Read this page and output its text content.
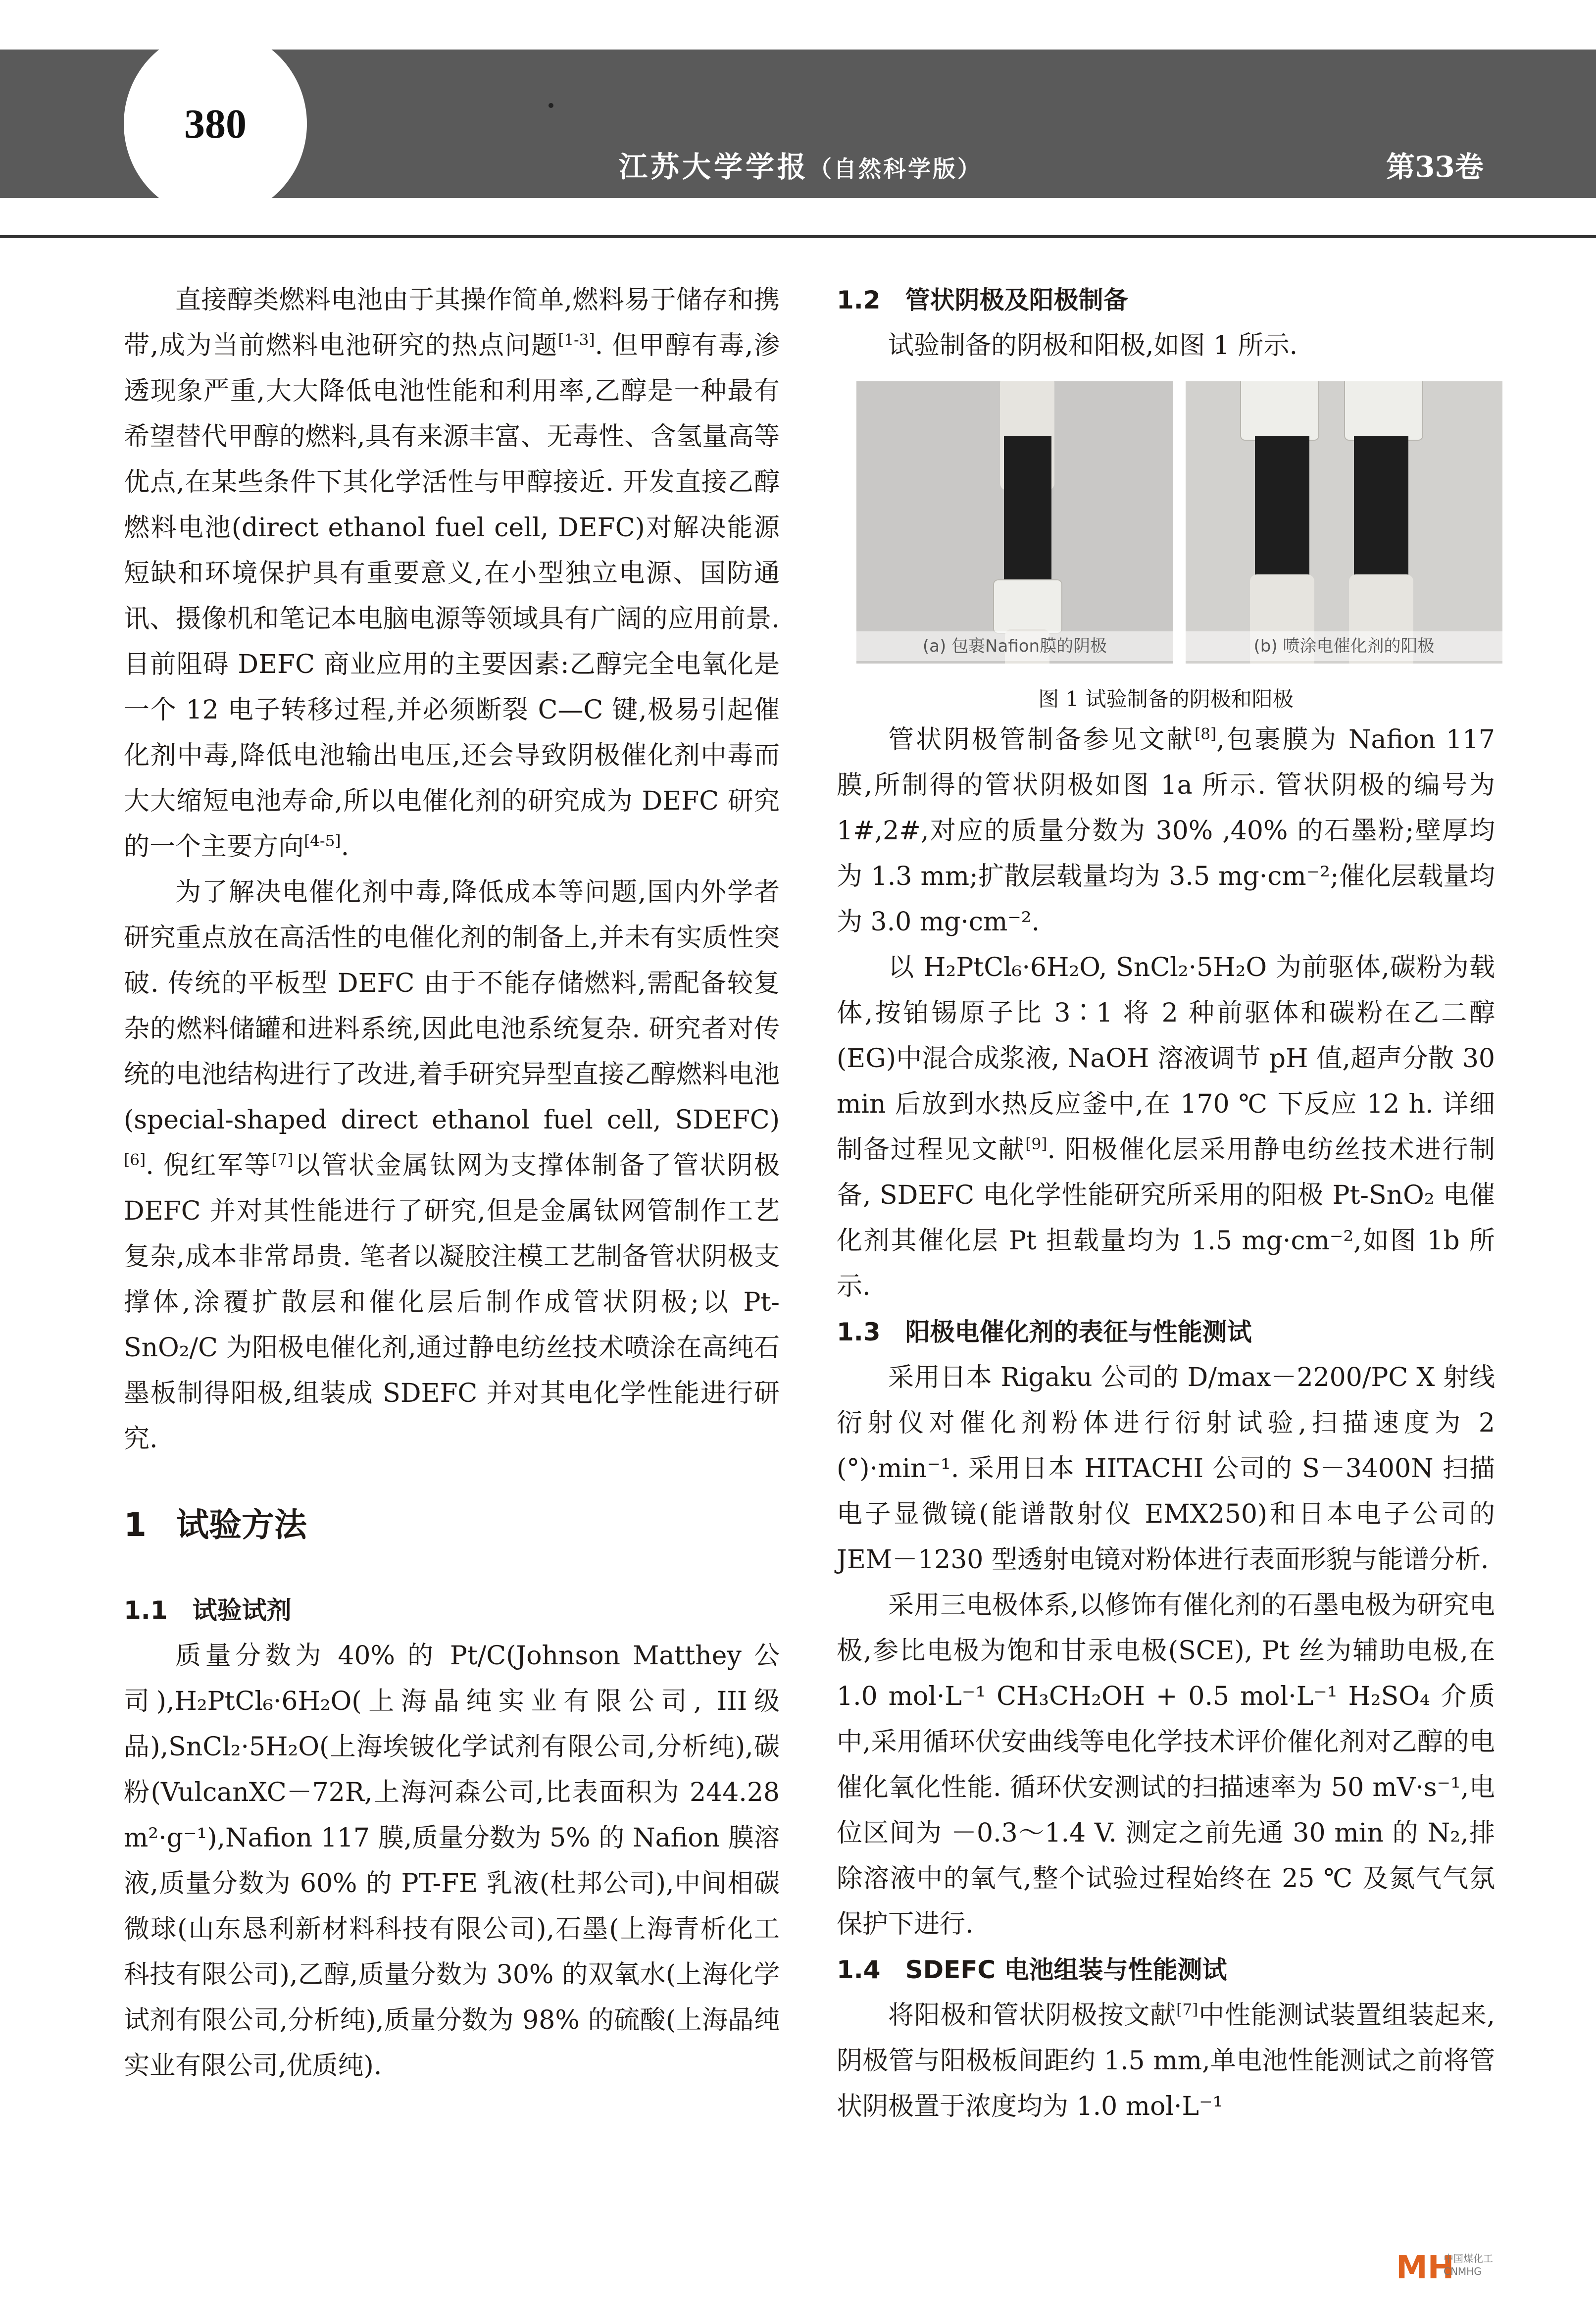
380
江苏大学学报（自然科学版）	第33卷

直接醇类燃料电池由于其操作简单,燃料易于储存和携带,成为当前燃料电池研究的热点问题[1-3]. 但甲醇有毒,渗透现象严重,大大降低电池性能和利用率,乙醇是一种最有希望替代甲醇的燃料,具有来源丰富、无毒性、含氢量高等优点,在某些条件下其化学活性与甲醇接近. 开发直接乙醇燃料电池(direct ethanol fuel cell, DEFC)对解决能源短缺和环境保护具有重要意义,在小型独立电源、国防通讯、摄像机和笔记本电脑电源等领域具有广阔的应用前景. 目前阻碍 DEFC 商业应用的主要因素:乙醇完全电氧化是一个 12 电子转移过程,并必须断裂 C—C 键,极易引起催化剂中毒,降低电池输出电压,还会导致阴极催化剂中毒而大大缩短电池寿命,所以电催化剂的研究成为 DEFC 研究的一个主要方向[4-5].

为了解决电催化剂中毒,降低成本等问题,国内外学者研究重点放在高活性的电催化剂的制备上,并未有实质性突破. 传统的平板型 DEFC 由于不能存储燃料,需配备较复杂的燃料储罐和进料系统,因此电池系统复杂. 研究者对传统的电池结构进行了改进,着手研究异型直接乙醇燃料电池(special-shaped direct ethanol fuel cell, SDEFC)[6]. 倪红军等[7]以管状金属钛网为支撑体制备了管状阴极 DEFC 并对其性能进行了研究,但是金属钛网管制作工艺复杂,成本非常昂贵. 笔者以凝胶注模工艺制备管状阴极支撑体,涂覆扩散层和催化层后制作成管状阴极;以 Pt-SnO₂/C 为阳极电催化剂,通过静电纺丝技术喷涂在高纯石墨板制得阳极,组装成 SDEFC 并对其电化学性能进行研究.

1 试验方法
1.1 试验试剂

质量分数为 40% 的 Pt/C(Johnson Matthey 公司),H₂PtCl₆·6H₂O(上海晶纯实业有限公司, III级品),SnCl₂·5H₂O(上海埃铍化学试剂有限公司,分析纯),碳粉(VulcanXC－72R,上海河森公司,比表面积为 244.28 m²·g⁻¹),Nafion 117 膜,质量分数为 5% 的 Nafion 膜溶液,质量分数为 60% 的 PT-FE 乳液(杜邦公司),中间相碳微球(山东恳利新材料科技有限公司),石墨(上海青析化工科技有限公司),乙醇,质量分数为 30% 的双氧水(上海化学试剂有限公司,分析纯),质量分数为 98% 的硫酸(上海晶纯实业有限公司,优质纯).

1.2 管状阴极及阳极制备

试验制备的阴极和阳极,如图 1 所示.

(a) 包裹Nafion膜的阴极	(b) 喷涂电催化剂的阳极
图 1 试验制备的阴极和阳极

管状阴极管制备参见文献[8],包裹膜为 Nafion 117 膜,所制得的管状阴极如图 1a 所示. 管状阴极的编号为 1#,2#,对应的质量分数为 30% ,40% 的石墨粉;壁厚均为 1.3 mm;扩散层载量均为 3.5 mg·cm⁻²;催化层载量均为 3.0 mg·cm⁻².

以 H₂PtCl₆·6H₂O, SnCl₂·5H₂O 为前驱体,碳粉为载体,按铂锡原子比 3∶1 将 2 种前驱体和碳粉在乙二醇(EG)中混合成浆液, NaOH 溶液调节 pH 值,超声分散 30 min 后放到水热反应釜中,在 170 ℃ 下反应 12 h. 详细制备过程见文献[9]. 阳极催化层采用静电纺丝技术进行制备, SDEFC 电化学性能研究所采用的阳极 Pt-SnO₂ 电催化剂其催化层 Pt 担载量均为 1.5 mg·cm⁻²,如图 1b 所示.

1.3 阳极电催化剂的表征与性能测试

采用日本 Rigaku 公司的 D/max－2200/PC X 射线衍射仪对催化剂粉体进行衍射试验,扫描速度为 2 (°)·min⁻¹. 采用日本 HITACHI 公司的 S－3400N 扫描电子显微镜(能谱散射仪 EMX250)和日本电子公司的 JEM－1230 型透射电镜对粉体进行表面形貌与能谱分析.

采用三电极体系,以修饰有催化剂的石墨电极为研究电极,参比电极为饱和甘汞电极(SCE), Pt 丝为辅助电极,在 1.0 mol·L⁻¹ CH₃CH₂OH + 0.5 mol·L⁻¹ H₂SO₄ 介质中,采用循环伏安曲线等电化学技术评价催化剂对乙醇的电催化氧化性能. 循环伏安测试的扫描速率为 50 mV·s⁻¹,电位区间为 －0.3～1.4 V. 测定之前先通 30 min 的 N₂,排除溶液中的氧气,整个试验过程始终在 25 ℃ 及氮气气氛保护下进行.

1.4 SDEFC 电池组装与性能测试

将阳极和管状阴极按文献[7]中性能测试装置组装起来,阴极管与阳极板间距约 1.5 mm,单电池性能测试之前将管状阴极置于浓度均为 1.0 mol·L⁻¹

MH
中国煤化工
CNMHG
